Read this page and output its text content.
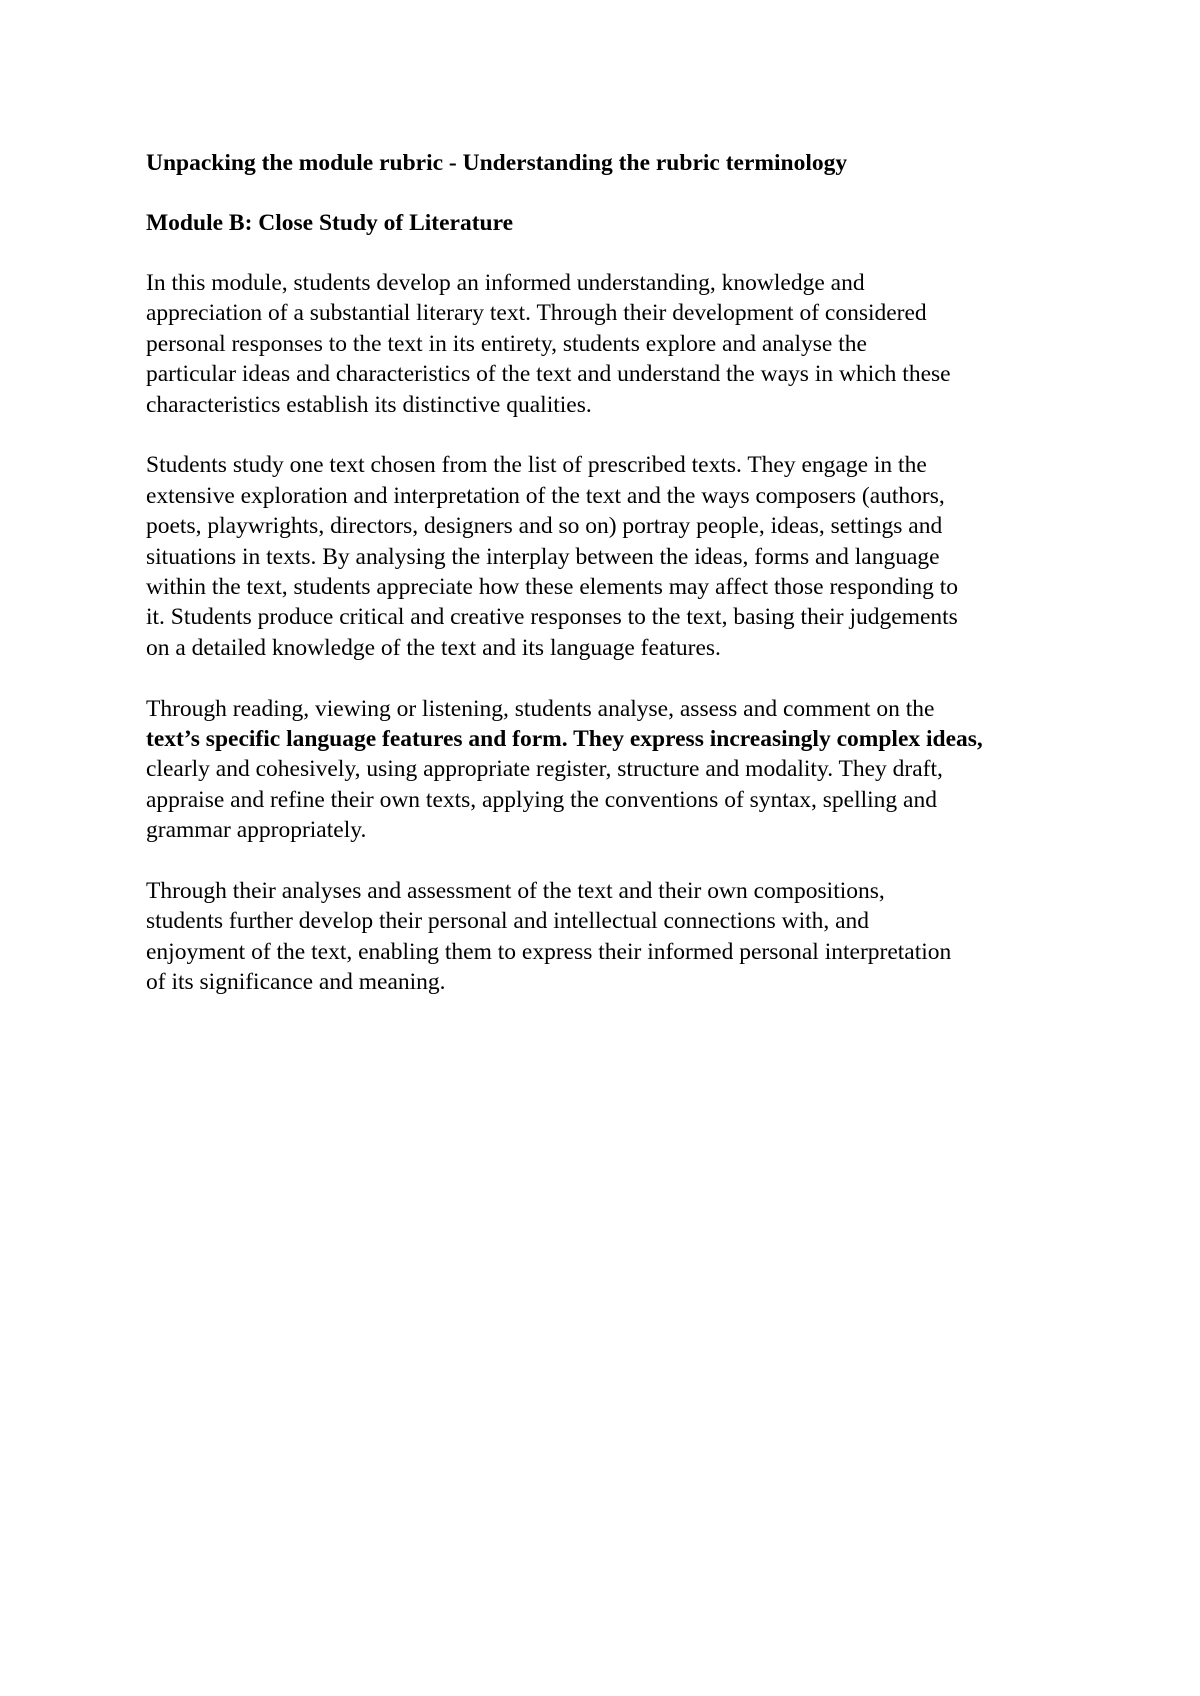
Unpacking the module rubric - Understanding the rubric terminology
Module B: Close Study of Literature
In this module, students develop an informed understanding, knowledge and
appreciation of a substantial literary text. Through their development of considered
personal responses to the text in its entirety, students explore and analyse the
particular ideas and characteristics of the text and understand the ways in which these
characteristics establish its distinctive qualities.
Students study one text chosen from the list of prescribed texts. They engage in the
extensive exploration and interpretation of the text and the ways composers (authors,
poets, playwrights, directors, designers and so on) portray people, ideas, settings and
situations in texts. By analysing the interplay between the ideas, forms and language
within the text, students appreciate how these elements may affect those responding to
it. Students produce critical and creative responses to the text, basing their judgements
on a detailed knowledge of the text and its language features.
Through reading, viewing or listening, students analyse, assess and comment on the
text’s specific language features and form. They express increasingly complex ideas,
clearly and cohesively, using appropriate register, structure and modality. They draft,
appraise and refine their own texts, applying the conventions of syntax, spelling and
grammar appropriately.
Through their analyses and assessment of the text and their own compositions,
students further develop their personal and intellectual connections with, and
enjoyment of the text, enabling them to express their informed personal interpretation
of its significance and meaning.
